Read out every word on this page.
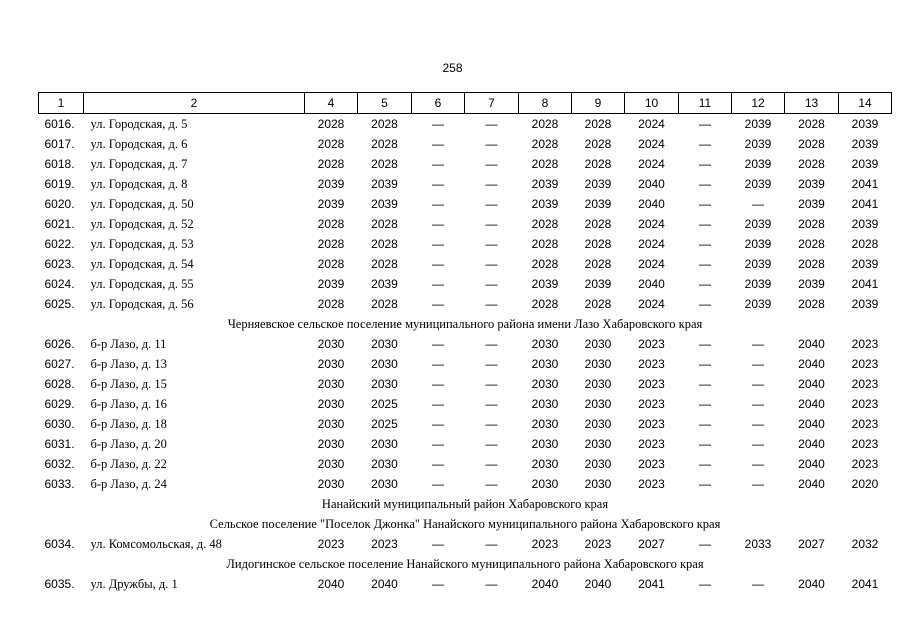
258
1	2	4	5	6	7	8	9	10	11	12	13	14
6016.	ул. Городская, д. 5	2028	2028	—	—	2028	2028	2024	—	2039	2028	2039
6017.	ул. Городская, д. 6	2028	2028	—	—	2028	2028	2024	—	2039	2028	2039
6018.	ул. Городская, д. 7	2028	2028	—	—	2028	2028	2024	—	2039	2028	2039
6019.	ул. Городская, д. 8	2039	2039	—	—	2039	2039	2040	—	2039	2039	2041
6020.	ул. Городская, д. 50	2039	2039	—	—	2039	2039	2040	—	—	2039	2041
6021.	ул. Городская, д. 52	2028	2028	—	—	2028	2028	2024	—	2039	2028	2039
6022.	ул. Городская, д. 53	2028	2028	—	—	2028	2028	2024	—	2039	2028	2028
6023.	ул. Городская, д. 54	2028	2028	—	—	2028	2028	2024	—	2039	2028	2039
6024.	ул. Городская, д. 55	2039	2039	—	—	2039	2039	2040	—	2039	2039	2041
6025.	ул. Городская, д. 56	2028	2028	—	—	2028	2028	2024	—	2039	2028	2039
Черняевское сельское поселение муниципального района имени Лазо Хабаровского края												
6026.	б-р Лазо, д. 11	2030	2030	—	—	2030	2030	2023	—	—	2040	2023
6027.	б-р Лазо, д. 13	2030	2030	—	—	2030	2030	2023	—	—	2040	2023
6028.	б-р Лазо, д. 15	2030	2030	—	—	2030	2030	2023	—	—	2040	2023
6029.	б-р Лазо, д. 16	2030	2025	—	—	2030	2030	2023	—	—	2040	2023
6030.	б-р Лазо, д. 18	2030	2025	—	—	2030	2030	2023	—	—	2040	2023
6031.	б-р Лазо, д. 20	2030	2030	—	—	2030	2030	2023	—	—	2040	2023
6032.	б-р Лазо, д. 22	2030	2030	—	—	2030	2030	2023	—	—	2040	2023
6033.	б-р Лазо, д. 24	2030	2030	—	—	2030	2030	2023	—	—	2040	2020
Нанайский муниципальный район Хабаровского края												
Сельское поселение "Поселок Джонка" Нанайского муниципального района Хабаровского края												
6034.	ул. Комсомольская, д. 48	2023	2023	—	—	2023	2023	2027	—	2033	2027	2032
Лидогинское сельское поселение Нанайского муниципального района Хабаровского края												
6035.	ул. Дружбы, д. 1	2040	2040	—	—	2040	2040	2041	—	—	2040	2041
